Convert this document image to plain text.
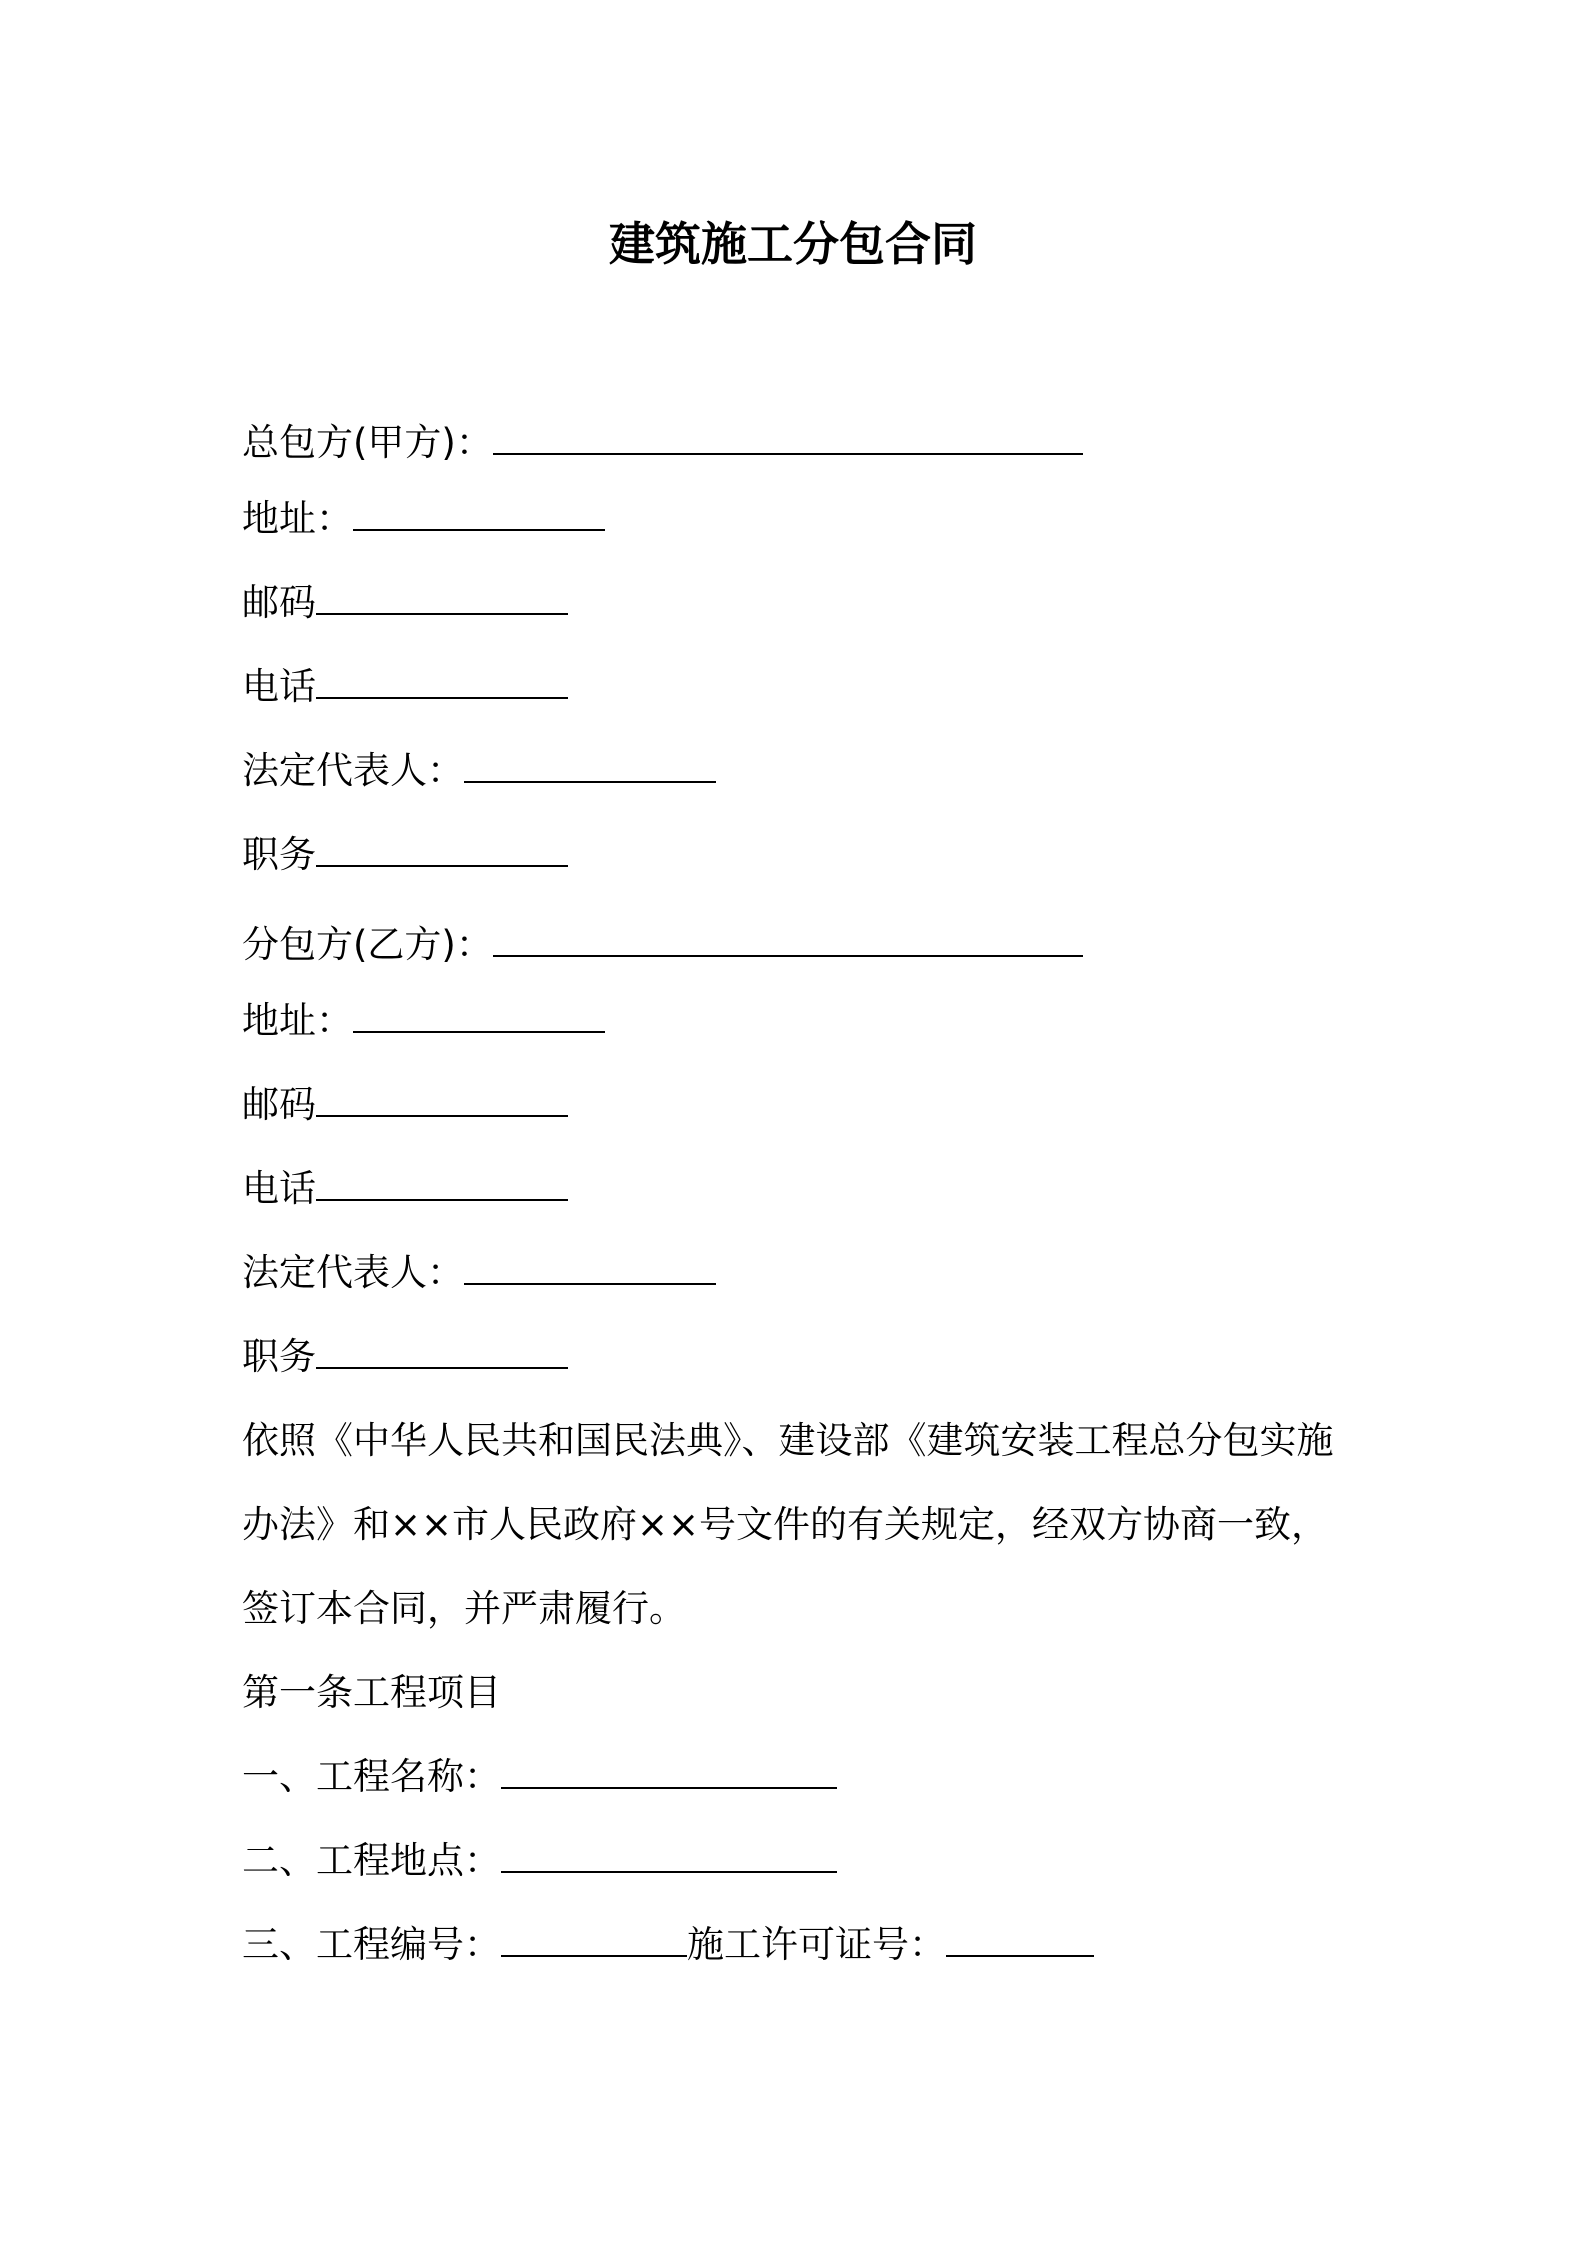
建筑施工分包合同
总包方(甲方)：
地址：
邮码
电话
法定代表人：
职务
分包方(乙方)：
地址：
邮码
电话
法定代表人：
职务
依照《中华人民共和国民法典》、建设部《建筑安装工程总分包实施
办法》和××市人民政府××号文件的有关规定，经双方协商一致，
签订本合同，并严肃履行。
第一条工程项目
一、工程名称：
二、工程地点：
三、工程编号：	施工许可证号：
